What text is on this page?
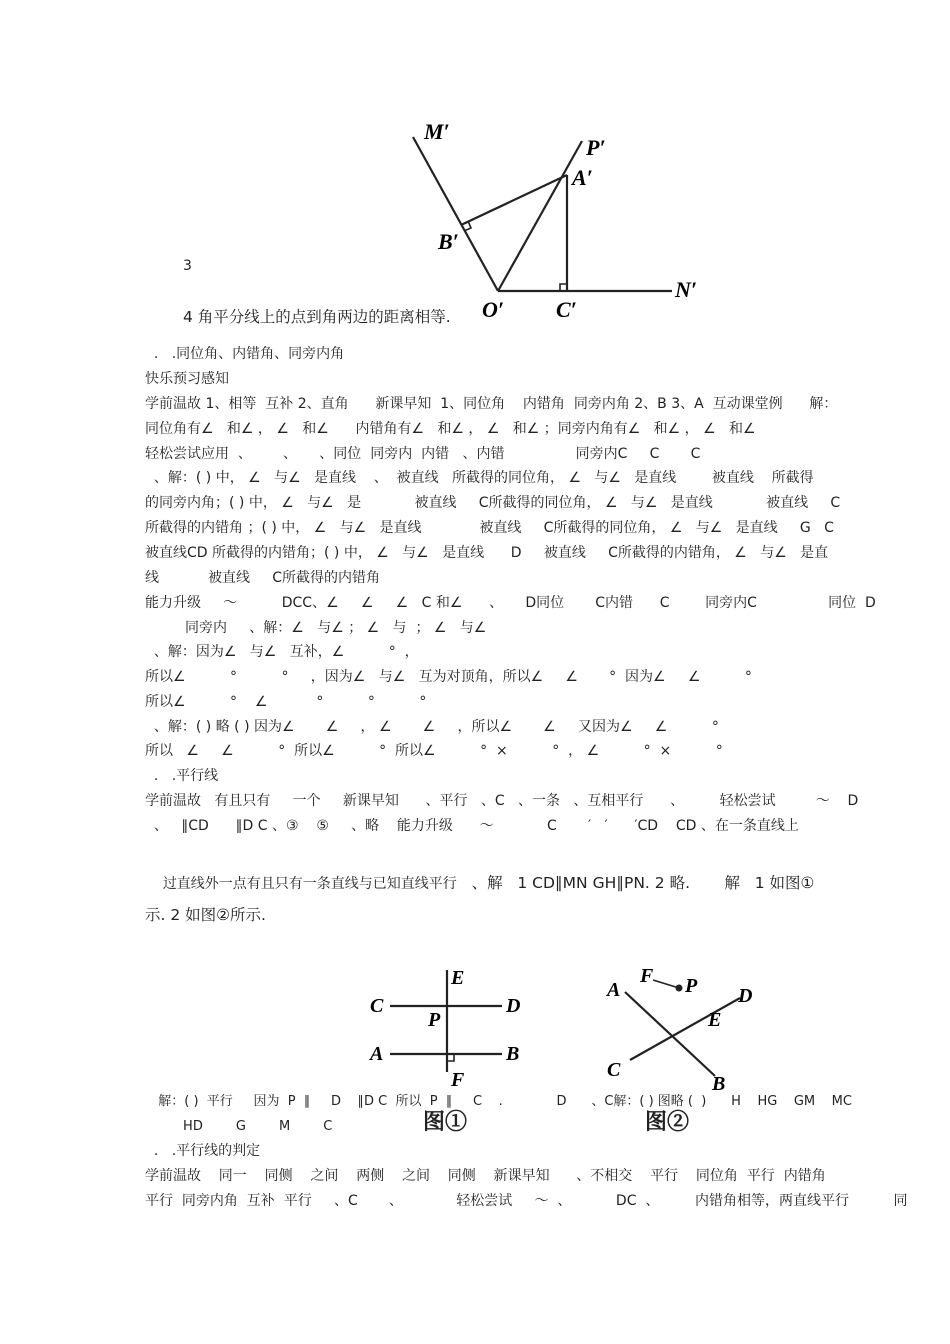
3
M′
P′
A′
B′
O′ C′
N′
4 角平分线上的点到角两边的距离相等.
.   .同位角、内错角、同旁内角
快乐预习感知
学前温故 1、相等  互补 2、直角      新课早知  1、同位角    内错角  同旁内角 2、B 3、A  互动课堂例      解：
同位角有∠   和∠ ， ∠   和∠      内错角有∠   和∠ ， ∠   和∠ ；同旁内角有∠   和∠ ， ∠   和∠
轻松尝试应用  、       、     、同位  同旁内  内错   、内错                同旁内C     C       C
、解：( ) 中， ∠   与∠   是直线    、  被直线   所截得的同位角， ∠   与∠   是直线        被直线    所截得
的同旁内角；( ) 中， ∠   与∠   是            被直线     C所截得的同位角， ∠   与∠   是直线            被直线     C
所截得的内错角 ；( ) 中， ∠   与∠   是直线             被直线     C所截得的同位角， ∠   与∠   是直线     G   C
被直线CD 所截得的内错角；( ) 中， ∠   与∠   是直线      D     被直线     C所截得的内错角， ∠   与∠   是直
线           被直线     C所截得的内错角
能力升级     ～          DCC、∠     ∠     ∠   C 和∠      、     D同位       C内错      C        同旁内C                同位  D
同旁内     、解：∠   与∠ ； ∠   与  ； ∠   与∠
、解：因为∠   与∠   互补，∠          °  ，
所以∠          °          °     ，因为∠   与∠   互为对顶角，所以∠     ∠       °  因为∠     ∠          °
所以∠          °    ∠           °          °          °
、解：( ) 略 ( ) 因为∠       ∠     ， ∠       ∠     ，所以∠       ∠     又因为∠     ∠          °
所以   ∠     ∠          °  所以∠          °  所以∠          °  ×          °  ， ∠          °  ×          °
.   .平行线
学前温故   有且只有     一个     新课早知      、平行   、C   、一条   、互相平行      、        轻松尝试         ～    D
、   ∥CD      ∥D C 、③    ⑤     、略    能力升级      ～            C       ′   ′      ′CD    CD 、在一条直线上

过直线外一点有且只有一条直线与已知直线平行   、解   1 CD∥MN GH∥PN. 2 略.       解   1 如图①

示. 2 如图②所示.
C	D
E
P
A	B
F
图①
A
F P D
E
C
B
图②
解：( )  平行     因为  P  ∥     D    ∥D C  所以  P  ∥     C    .             D      、C解：( ) 图略 (  )      H    HG    GM    MC
HD        G        M        C
.   .平行线的判定
学前温故    同一    同侧    之间    两侧    之间    同侧    新课早知      、不相交    平行    同位角  平行  内错角
平行  同旁内角  互补  平行     、C       、            轻松尝试     ～  、          DC  、        内错角相等，两直线平行          同
